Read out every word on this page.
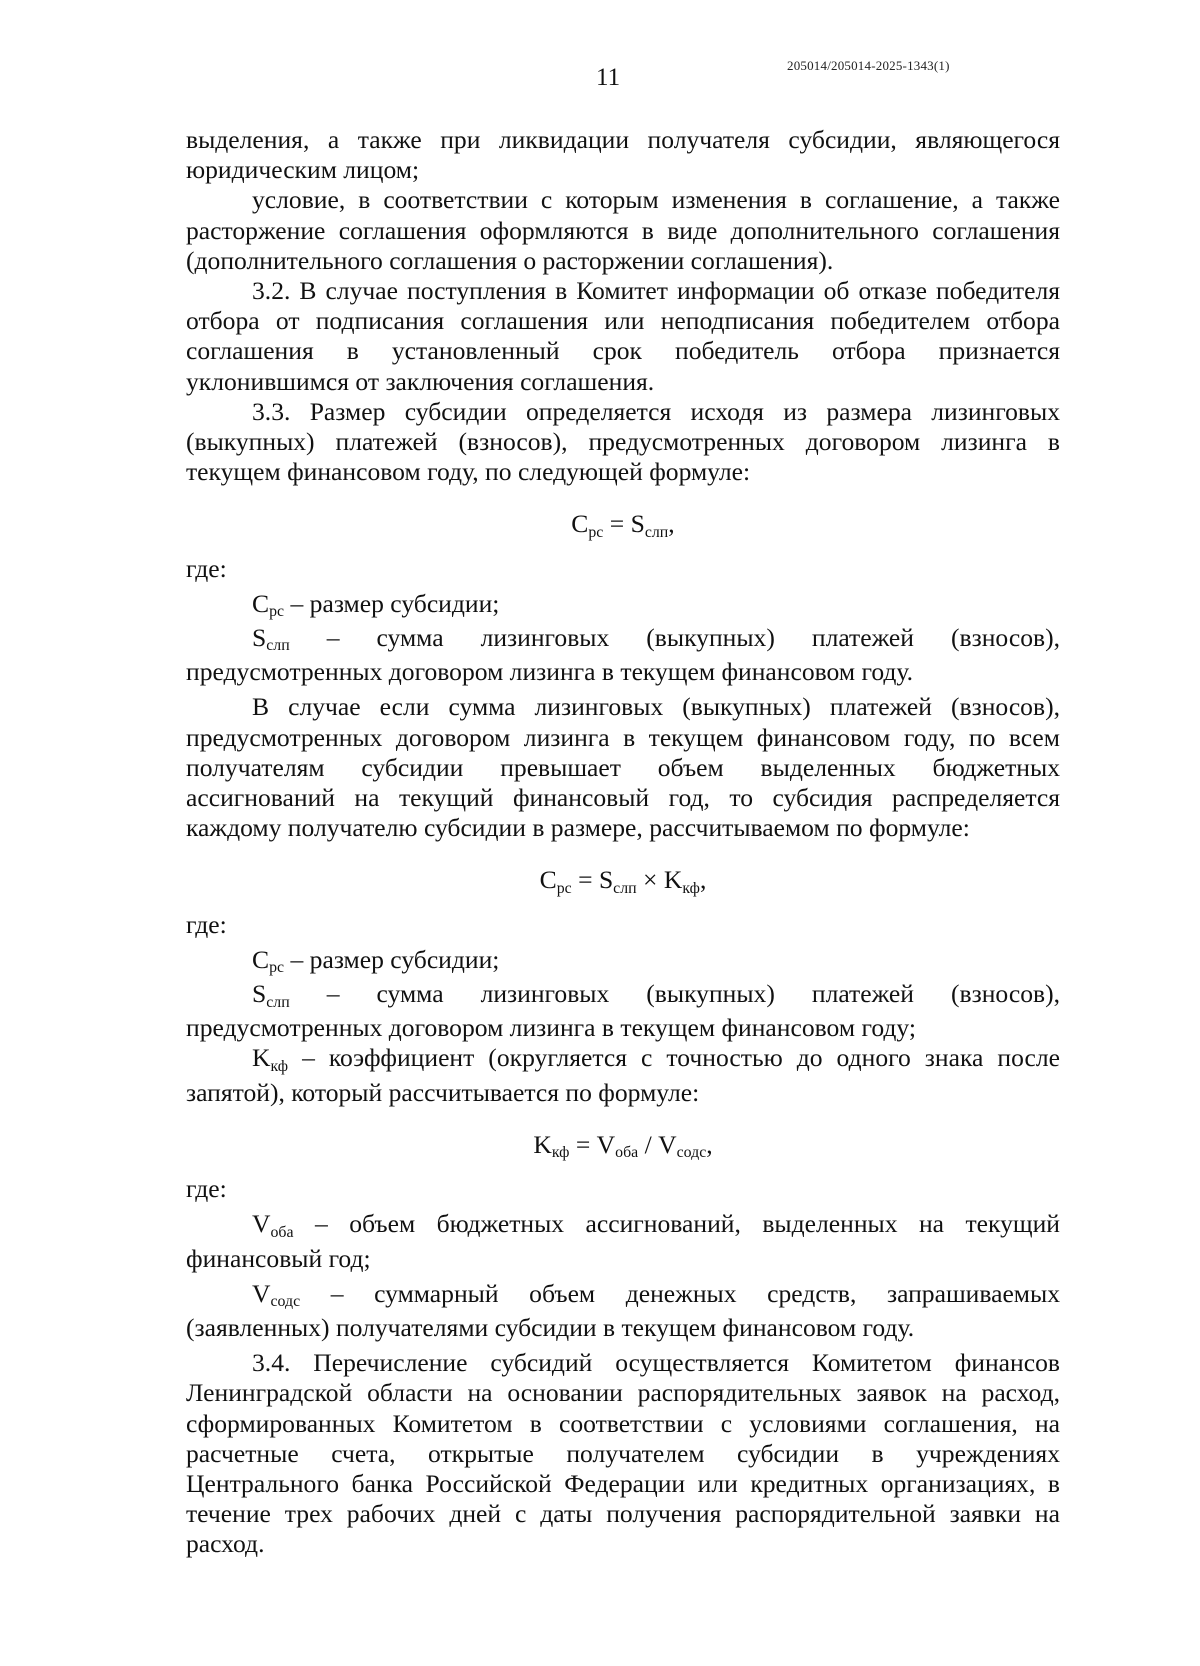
205014/205014-2025-1343(1)
11

выделения, а также при ликвидации получателя субсидии, являющегося юридическим лицом;

условие, в соответствии с которым изменения в соглашение, а также расторжение соглашения оформляются в виде дополнительного соглашения (дополнительного соглашения о расторжении соглашения).

3.2. В случае поступления в Комитет информации об отказе победителя отбора от подписания соглашения или неподписания победителем отбора соглашения в установленный срок победитель отбора признается уклонившимся от заключения соглашения.

3.3. Размер субсидии определяется исходя из размера лизинговых (выкупных) платежей (взносов), предусмотренных договором лизинга в текущем финансовом году, по следующей формуле:

Cрс = Sслп,

где:

Cрс – размер субсидии;

Sслп – сумма лизинговых (выкупных) платежей (взносов), предусмотренных договором лизинга в текущем финансовом году.

В случае если сумма лизинговых (выкупных) платежей (взносов), предусмотренных договором лизинга в текущем финансовом году, по всем получателям субсидии превышает объем выделенных бюджетных ассигнований на текущий финансовый год, то субсидия распределяется каждому получателю субсидии в размере, рассчитываемом по формуле:

Cрс = Sслп × Kкф,

где:

Cрс – размер субсидии;

Sслп – сумма лизинговых (выкупных) платежей (взносов), предусмотренных договором лизинга в текущем финансовом году;

Kкф – коэффициент (округляется с точностью до одного знака после запятой), который рассчитывается по формуле:

Kкф = Vоба / Vсодс,

где:

Vоба – объем бюджетных ассигнований, выделенных на текущий финансовый год;

Vсодс – суммарный объем денежных средств, запрашиваемых (заявленных) получателями субсидии в текущем финансовом году.

3.4. Перечисление субсидий осуществляется Комитетом финансов Ленинградской области на основании распорядительных заявок на расход, сформированных Комитетом в соответствии с условиями соглашения, на расчетные счета, открытые получателем субсидии в учреждениях Центрального банка Российской Федерации или кредитных организациях, в течение трех рабочих дней с даты получения распорядительной заявки на расход.
